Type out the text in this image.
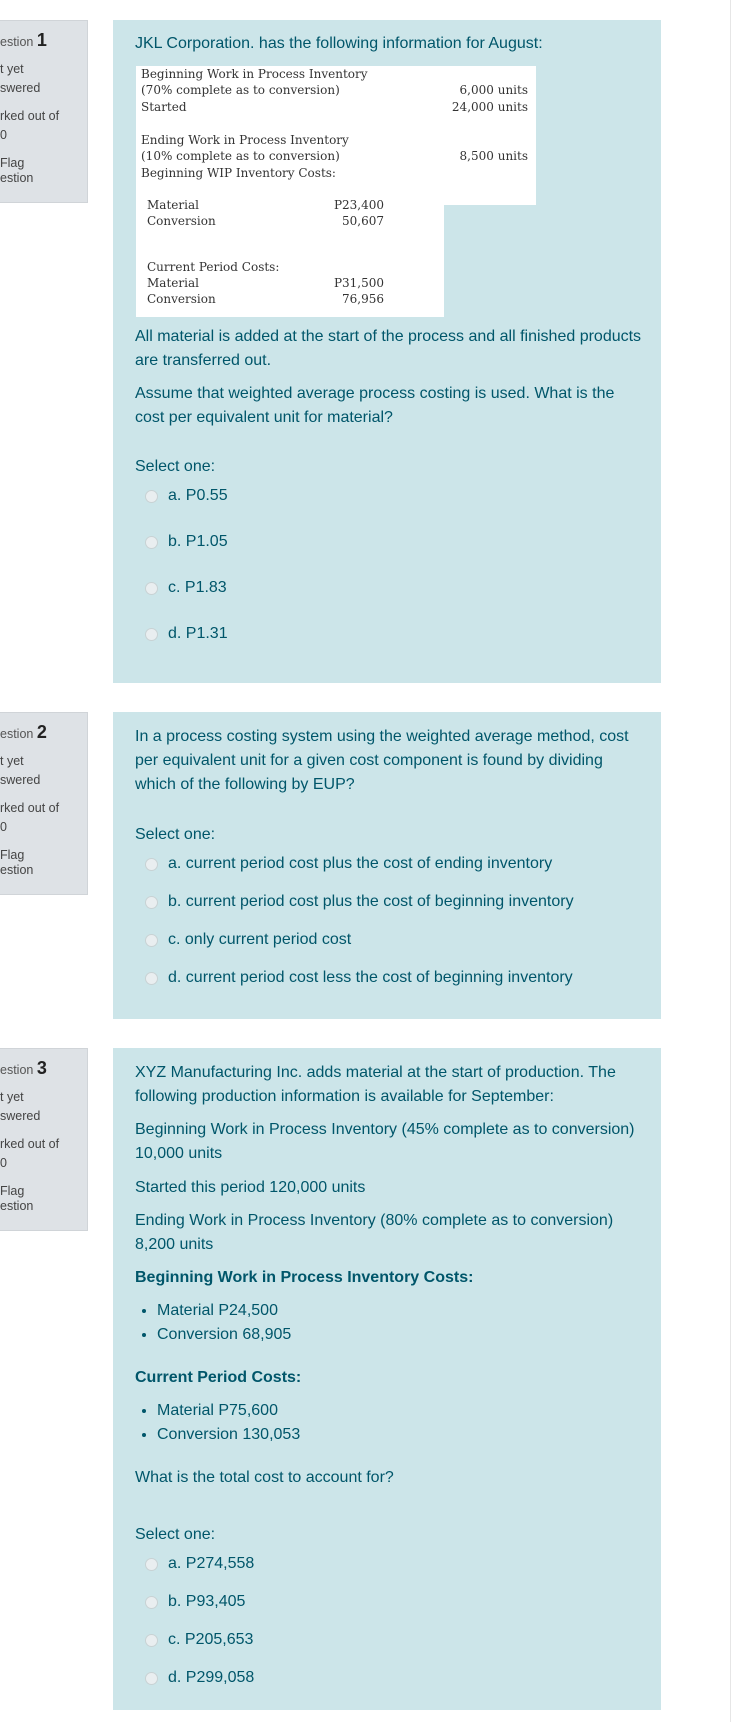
estion 1
t yet
swered
rked out of
0
Flag
estion
JKL Corporation. has the following information for August:
Beginning Work in Process Inventory
(70% complete as to conversion)	6,000 units
Started	24,000 units
Ending Work in Process Inventory
(10% complete as to conversion)	8,500 units
Beginning WIP Inventory Costs:
Material	P23,400
Conversion	50,607
Current Period Costs:
Material	P31,500
Conversion	76,956
All material is added at the start of the process and all finished products are transferred out.
Assume that weighted average process costing is used. What is the cost per equivalent unit for material?
Select one:
a. P0.55
b. P1.05
c. P1.83
d. P1.31
estion 2
t yet
swered
rked out of
0
Flag
estion
In a process costing system using the weighted average method, cost per equivalent unit for a given cost component is found by dividing which of the following by EUP?
Select one:
a. current period cost plus the cost of ending inventory
b. current period cost plus the cost of beginning inventory
c. only current period cost
d. current period cost less the cost of beginning inventory
estion 3
t yet
swered
rked out of
0
Flag
estion
XYZ Manufacturing Inc. adds material at the start of production. The following production information is available for September:
Beginning Work in Process Inventory (45% complete as to conversion) 10,000 units
Started this period 120,000 units
Ending Work in Process Inventory (80% complete as to conversion) 8,200 units
Beginning Work in Process Inventory Costs:
• Material P24,500
• Conversion 68,905
Current Period Costs:
• Material P75,600
• Conversion 130,053
What is the total cost to account for?
Select one:
a. P274,558
b. P93,405
c. P205,653
d. P299,058
